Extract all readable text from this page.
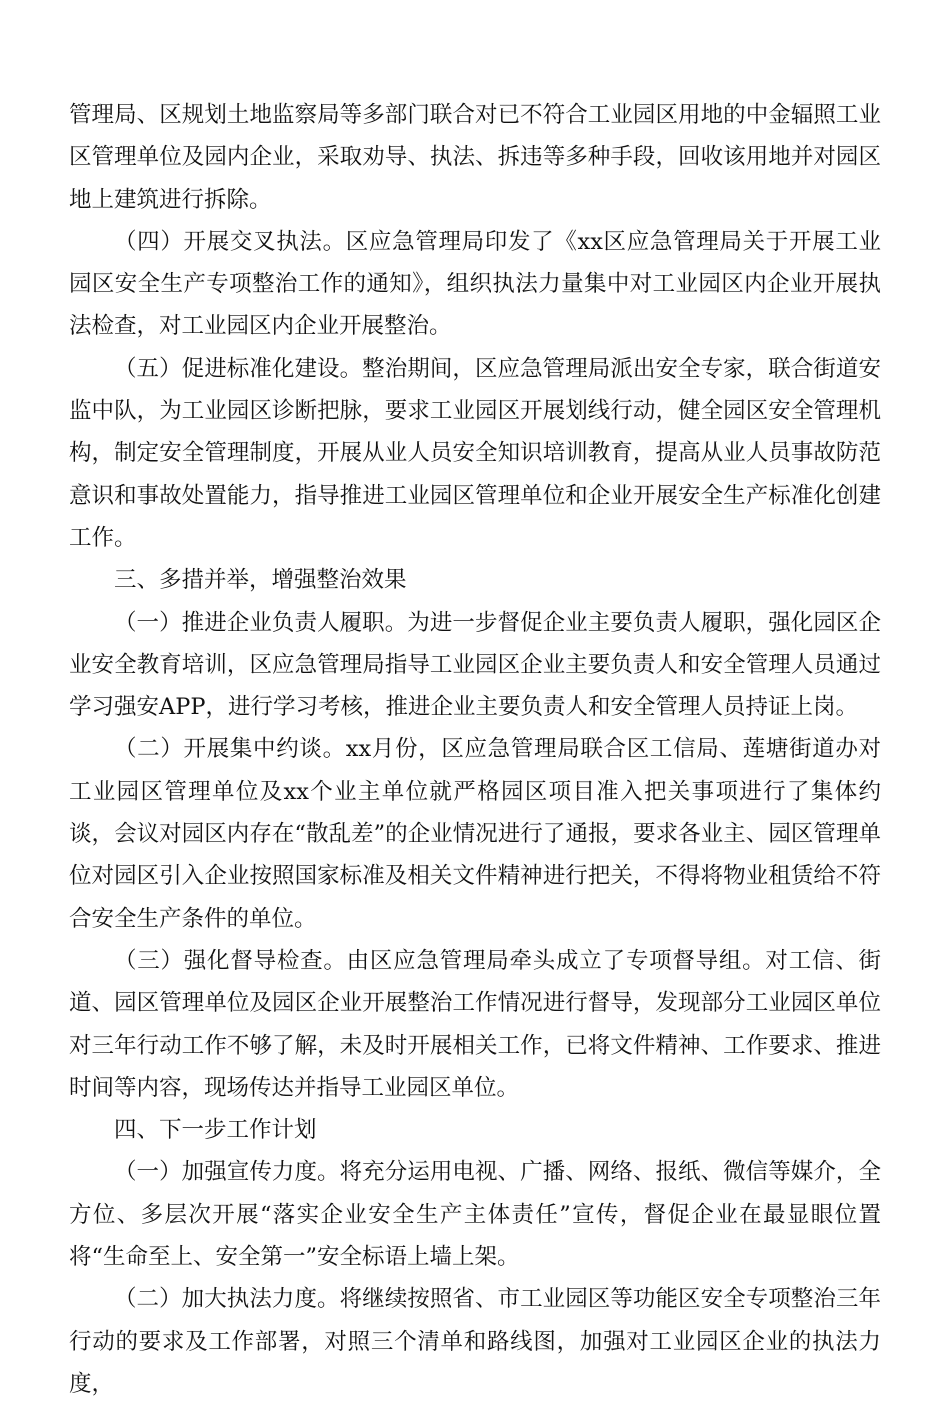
管理局、区规划土地监察局等多部门联合对已不符合工业园区用地的中金辐照工业区管理单位及园内企业，采取劝导、执法、拆违等多种手段，回收该用地并对园区地上建筑进行拆除。

（四）开展交叉执法。区应急管理局印发了《xx区应急管理局关于开展工业园区安全生产专项整治工作的通知》，组织执法力量集中对工业园区内企业开展执法检查，对工业园区内企业开展整治。

（五）促进标准化建设。整治期间，区应急管理局派出安全专家，联合街道安监中队，为工业园区诊断把脉，要求工业园区开展划线行动，健全园区安全管理机构，制定安全管理制度，开展从业人员安全知识培训教育，提高从业人员事故防范意识和事故处置能力，指导推进工业园区管理单位和企业开展安全生产标准化创建工作。

三、多措并举，增强整治效果

（一）推进企业负责人履职。为进一步督促企业主要负责人履职，强化园区企业安全教育培训，区应急管理局指导工业园区企业主要负责人和安全管理人员通过学习强安APP，进行学习考核，推进企业主要负责人和安全管理人员持证上岗。

（二）开展集中约谈。xx月份，区应急管理局联合区工信局、莲塘街道办对工业园区管理单位及xx个业主单位就严格园区项目准入把关事项进行了集体约谈，会议对园区内存在“散乱差”的企业情况进行了通报，要求各业主、园区管理单位对园区引入企业按照国家标准及相关文件精神进行把关，不得将物业租赁给不符合安全生产条件的单位。

（三）强化督导检查。由区应急管理局牵头成立了专项督导组。对工信、街道、园区管理单位及园区企业开展整治工作情况进行督导，发现部分工业园区单位对三年行动工作不够了解，未及时开展相关工作，已将文件精神、工作要求、推进时间等内容，现场传达并指导工业园区单位。

四、下一步工作计划

（一）加强宣传力度。将充分运用电视、广播、网络、报纸、微信等媒介，全方位、多层次开展“落实企业安全生产主体责任”宣传，督促企业在最显眼位置将“生命至上、安全第一”安全标语上墙上架。

（二）加大执法力度。将继续按照省、市工业园区等功能区安全专项整治三年行动的要求及工作部署，对照三个清单和路线图，加强对工业园区企业的执法力度，
